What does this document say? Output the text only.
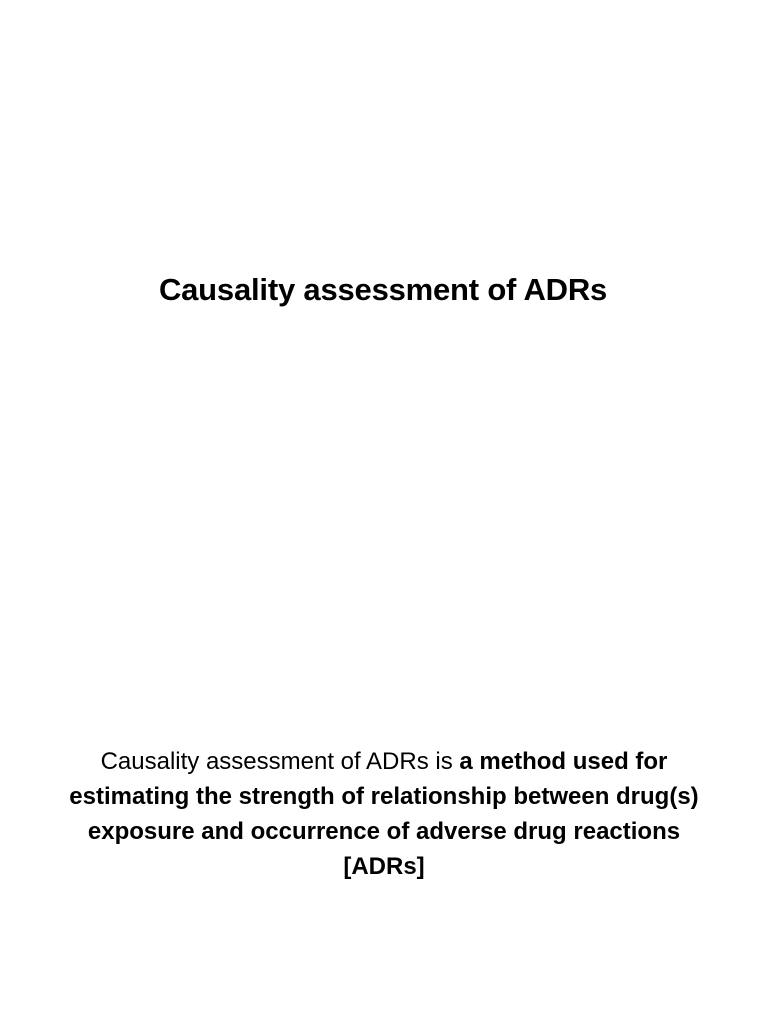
Causality assessment of ADRs

Causality assessment of ADRs is a method used for estimating the strength of relationship between drug(s) exposure and occurrence of adverse drug reactions [ADRs]
